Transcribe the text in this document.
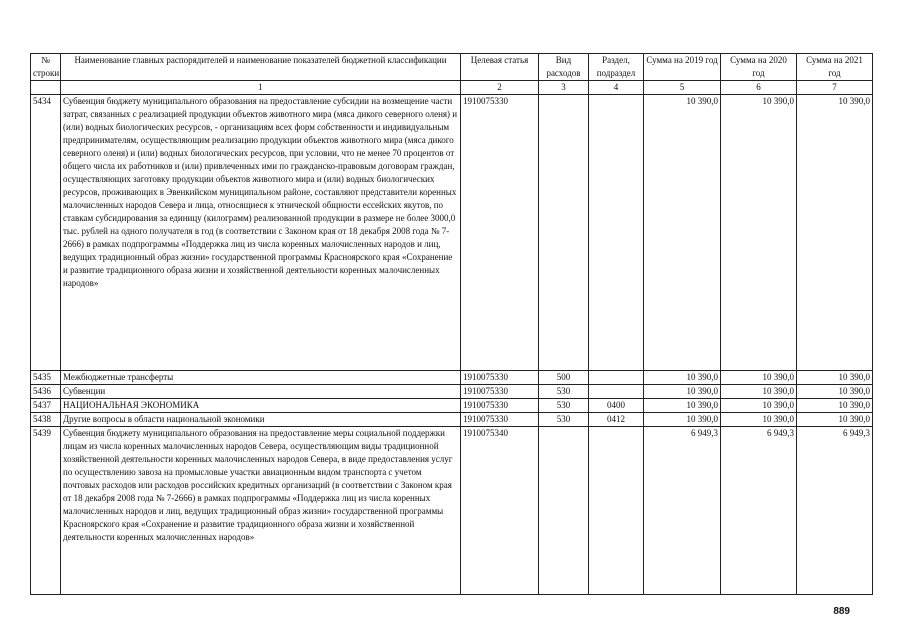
№ строки	Наименование главных распорядителей и наименование показателей бюджетной классификации	Целевая статья	Вид расходов	Раздел, подраздел	Сумма на 2019 год	Сумма на 2020 год	Сумма на 2021 год
	1	2	3	4	5	6	7
5434	Субвенция бюджету муниципального образования на предоставление субсидии на возмещение части затрат, связанных с реализацией продукции объектов животного мира (мяса дикого северного оленя) и (или) водных биологических ресурсов, - организациям всех форм собственности и индивидуальным предпринимателям, осуществляющим реализацию продукции объектов животного мира (мяса дикого северного оленя) и (или) водных биологических ресурсов, при условии, что не менее 70 процентов от общего числа их работников и (или) привлеченных ими по гражданско-правовым договорам граждан, осуществляющих заготовку продукции объектов животного мира и (или) водных биологических ресурсов, проживающих в Эвенкийском муниципальном районе, составляют представители коренных малочисленных народов Севера и лица, относящиеся к этнической общности ессейских якутов, по ставкам субсидирования за единицу (килограмм) реализованной продукции в размере не более 3000,0 тыс. рублей на одного получателя в год (в соответствии с Законом края от 18 декабря 2008 года № 7-2666) в рамках подпрограммы «Поддержка лиц из числа коренных малочисленных народов и лиц, ведущих традиционный образ жизни» государственной программы Красноярского края «Сохранение и развитие традиционного образа жизни и хозяйственной деятельности коренных малочисленных народов»	1910075330			10 390,0	10 390,0	10 390,0
5435	Межбюджетные трансферты	1910075330	500		10 390,0	10 390,0	10 390,0
5436	Субвенции	1910075330	530		10 390,0	10 390,0	10 390,0
5437	НАЦИОНАЛЬНАЯ ЭКОНОМИКА	1910075330	530	0400	10 390,0	10 390,0	10 390,0
5438	Другие вопросы в области национальной экономики	1910075330	530	0412	10 390,0	10 390,0	10 390,0
5439	Субвенция бюджету муниципального образования на предоставление меры социальной поддержки лицам из числа коренных малочисленных народов Севера, осуществляющим виды традиционной хозяйственной деятельности коренных малочисленных народов Севера, в виде предоставления услуг по осуществлению завоза на промысловые участки авиационным видом транспорта с учетом почтовых расходов или расходов российских кредитных организаций (в соответствии с Законом края от 18 декабря 2008 года № 7-2666) в рамках подпрограммы «Поддержка лиц из числа коренных малочисленных народов и лиц, ведущих традиционный образ жизни» государственной программы Красноярского края «Сохранение и развитие традиционного образа жизни и хозяйственной деятельности коренных малочисленных народов»	1910075340			6 949,3	6 949,3	6 949,3
889
